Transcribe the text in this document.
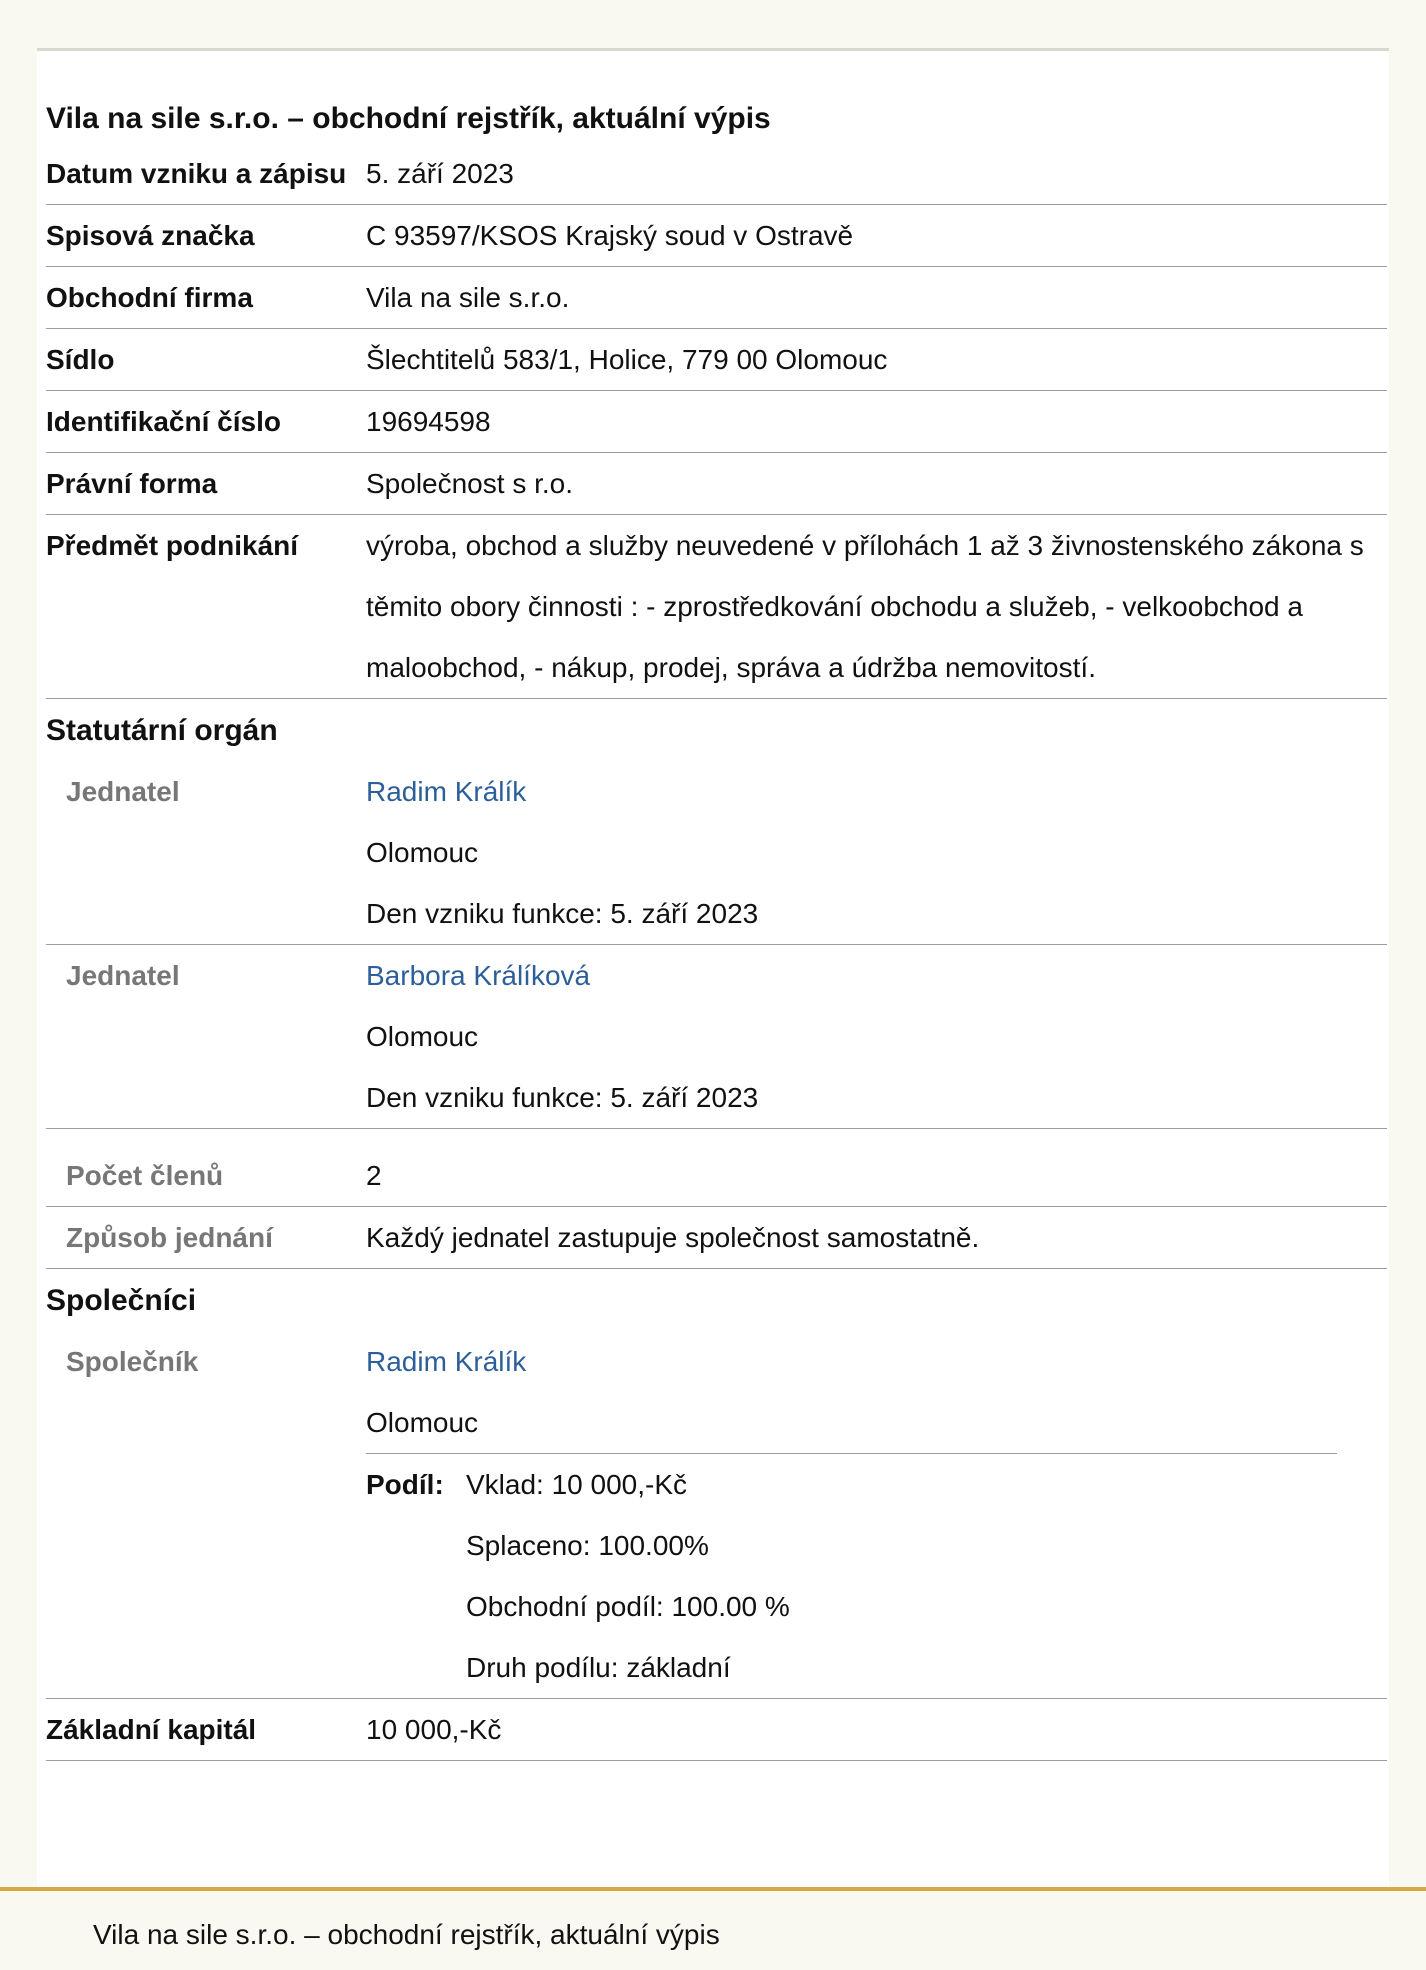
Vila na sile s.r.o. – obchodní rejstřík, aktuální výpis
Datum vzniku a zápisu 5. září 2023
Spisová značka	C 93597/KSOS Krajský soud v Ostravě
Obchodní firma	Vila na sile s.r.o.
Sídlo	Šlechtitelů 583/1, Holice, 779 00 Olomouc
Identifikační číslo	19694598
Právní forma	Společnost s r.o.
Předmět podnikání	výroba, obchod a služby neuvedené v přílohách 1 až 3 živnostenského zákona s těmito obory činnosti : - zprostředkování obchodu a služeb, - velkoobchod a maloobchod, - nákup, prodej, správa a údržba nemovitostí.
Statutární orgán
Jednatel	Radim Králík

Olomouc

Den vzniku funkce: 5. září 2023

Jednatel	Barbora Králíková

Olomouc

Den vzniku funkce: 5. září 2023

Počet členů	2
Způsob jednání	Každý jednatel zastupuje společnost samostatně.
Společníci
Společník	Radim Králík

Olomouc

Podíl: Vklad: 10 000,-Kč

Splaceno: 100.00%

Obchodní podíl: 100.00 %

Druh podílu: základní

Základní kapitál	10 000,-Kč
Vila na sile s.r.o. – obchodní rejstřík, aktuální výpis
